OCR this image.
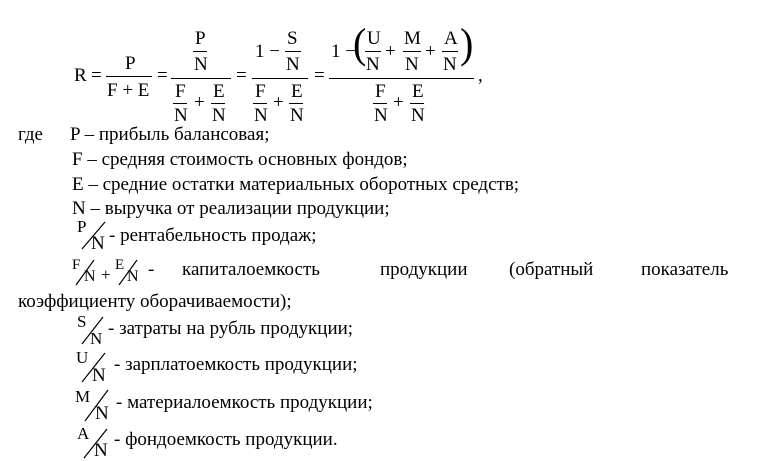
R =
P
F + E
=
P
N
F
N
+
E
N
=
1 −
S
N
F
N
+
E
N
=
1 −
( U
N
+
M
N
+
A
N )
F
N
+
E
N
,
где P – прибыль балансовая;
F – средняя стоимость основных фондов;
E – средние остатки материальных оборотных средств;
N – выручка от реализации продукции;
P
N - рентабельность продаж;
F
N + E
N - капиталоемкость	продукции (обратный	показатель
коэффициенту оборачиваемости);
S
N - затраты на рубль продукции;
U
N
- зарплатоемкость продукции;
M
N
- материалоемкость продукции;
A
N
- фондоемкость продукции.
